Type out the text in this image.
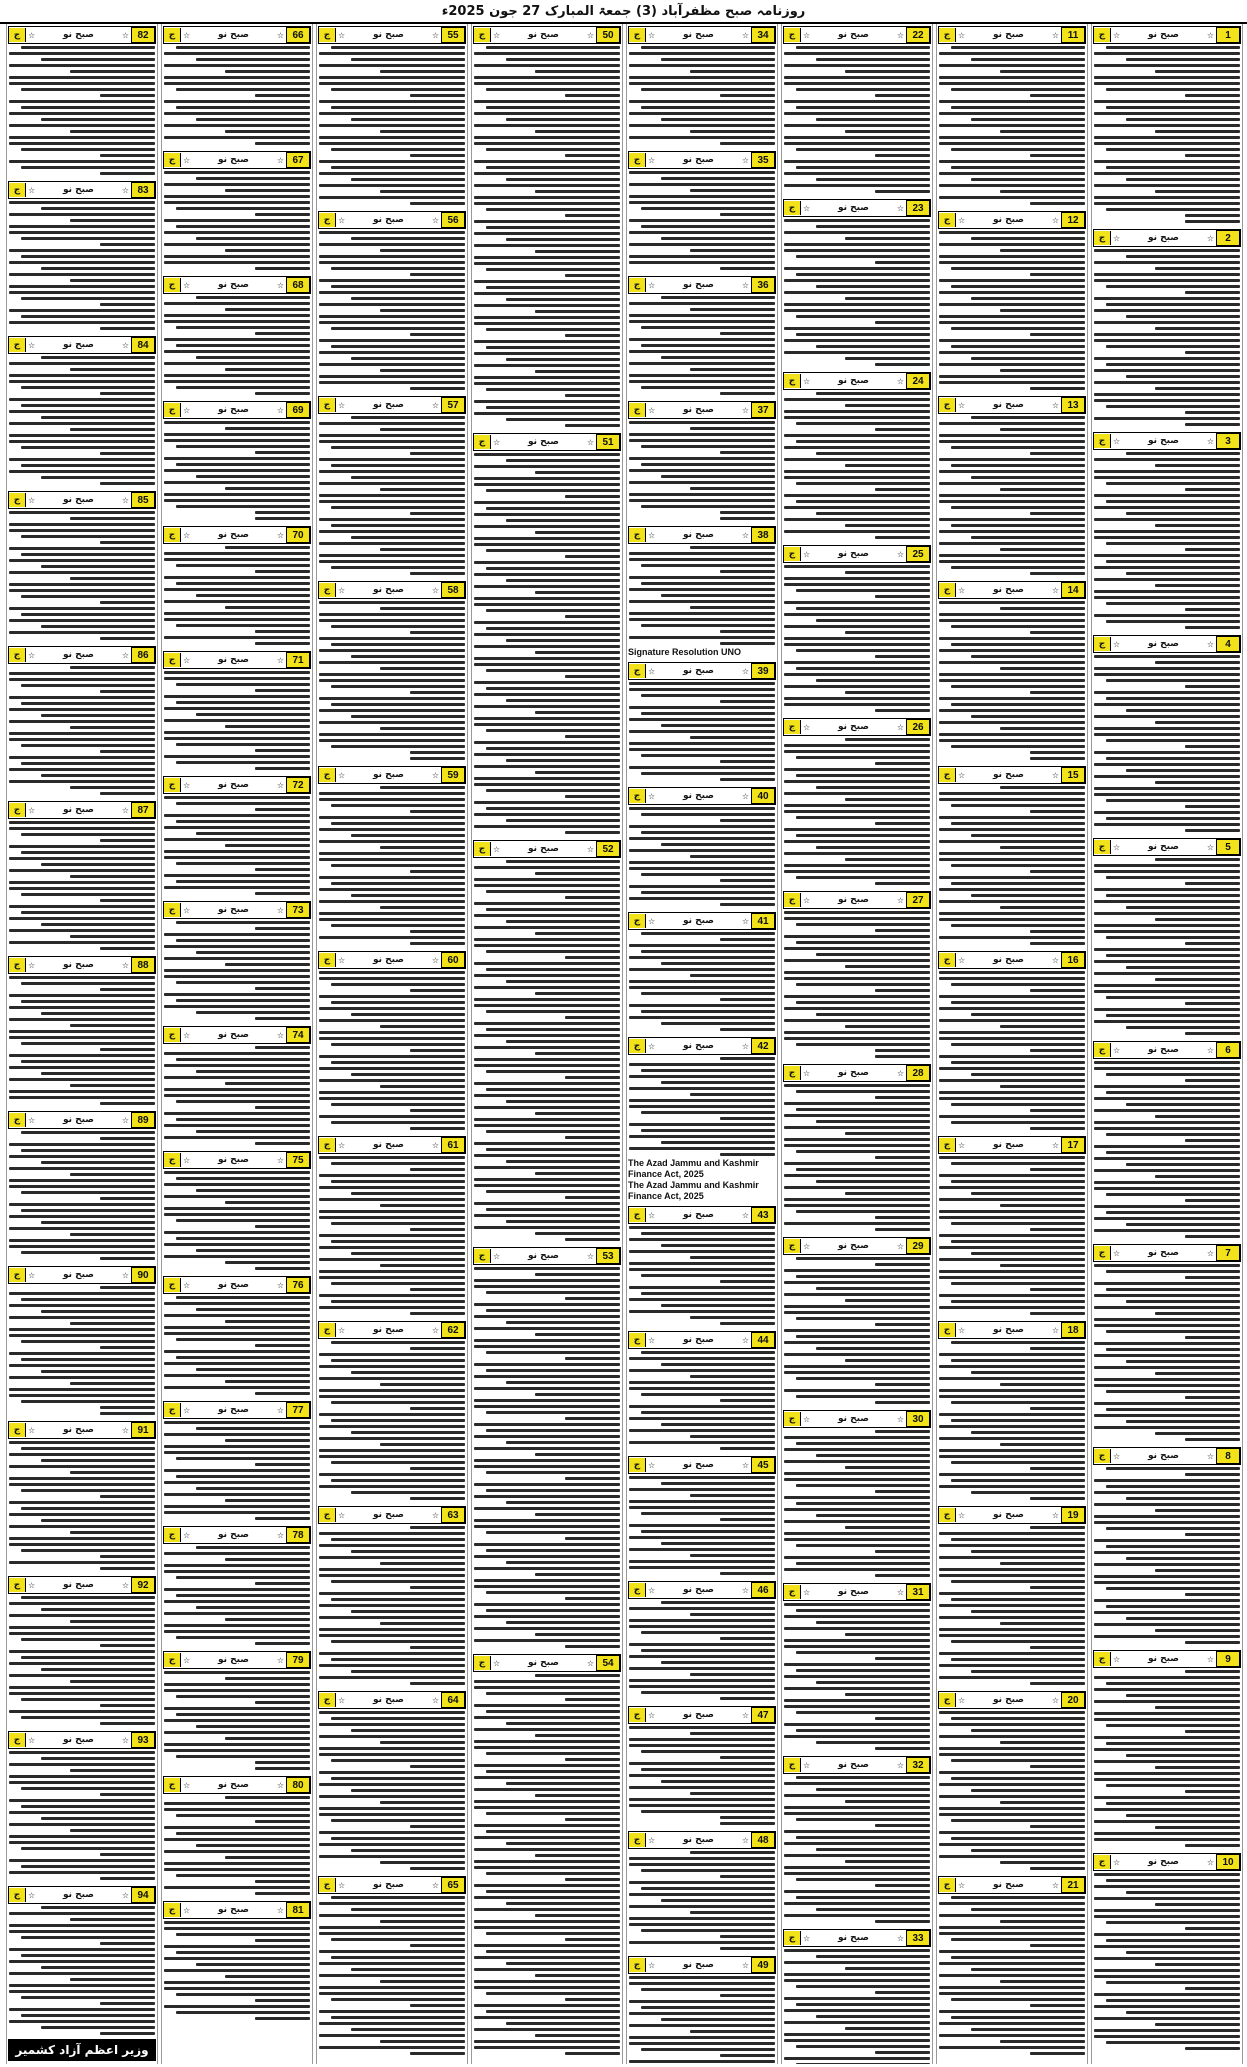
روزنامہ صبح مظفرآباد (3) جمعۃ المبارک 27 جون 2025ء
1
☆
صبح نو
☆
ج
2
☆
صبح نو
☆
ج
3
☆
صبح نو
☆
ج
4
☆
صبح نو
☆
ج
5
☆
صبح نو
☆
ج
6
☆
صبح نو
☆
ج
7
☆
صبح نو
☆
ج
8
☆
صبح نو
☆
ج
9
☆
صبح نو
☆
ج
10
☆
صبح نو
☆
ج
11
☆
صبح نو
☆
ج
12
☆
صبح نو
☆
ج
13
☆
صبح نو
☆
ج
14
☆
صبح نو
☆
ج
15
☆
صبح نو
☆
ج
16
☆
صبح نو
☆
ج
17
☆
صبح نو
☆
ج
18
☆
صبح نو
☆
ج
19
☆
صبح نو
☆
ج
20
☆
صبح نو
☆
ج
21
☆
صبح نو
☆
ج
22
☆
صبح نو
☆
ج
23
☆
صبح نو
☆
ج
24
☆
صبح نو
☆
ج
25
☆
صبح نو
☆
ج
26
☆
صبح نو
☆
ج
27
☆
صبح نو
☆
ج
28
☆
صبح نو
☆
ج
29
☆
صبح نو
☆
ج
30
☆
صبح نو
☆
ج
31
☆
صبح نو
☆
ج
32
☆
صبح نو
☆
ج
33
☆
صبح نو
☆
ج
34
☆
صبح نو
☆
ج
35
☆
صبح نو
☆
ج
36
☆
صبح نو
☆
ج
37
☆
صبح نو
☆
ج
38
☆
صبح نو
☆
ج
Signature Resolution UNO
39
☆
صبح نو
☆
ج
40
☆
صبح نو
☆
ج
41
☆
صبح نو
☆
ج
42
☆
صبح نو
☆
ج
The Azad Jammu and Kashmir Finance Act, 2025
The Azad Jammu and Kashmir Finance Act, 2025
43
☆
صبح نو
☆
ج
44
☆
صبح نو
☆
ج
45
☆
صبح نو
☆
ج
46
☆
صبح نو
☆
ج
47
☆
صبح نو
☆
ج
48
☆
صبح نو
☆
ج
49
☆
صبح نو
☆
ج
50
☆
صبح نو
☆
ج
51
☆
صبح نو
☆
ج
52
☆
صبح نو
☆
ج
53
☆
صبح نو
☆
ج
54
☆
صبح نو
☆
ج
55
☆
صبح نو
☆
ج
56
☆
صبح نو
☆
ج
57
☆
صبح نو
☆
ج
58
☆
صبح نو
☆
ج
59
☆
صبح نو
☆
ج
60
☆
صبح نو
☆
ج
61
☆
صبح نو
☆
ج
62
☆
صبح نو
☆
ج
63
☆
صبح نو
☆
ج
64
☆
صبح نو
☆
ج
65
☆
صبح نو
☆
ج
66
☆
صبح نو
☆
ج
67
☆
صبح نو
☆
ج
68
☆
صبح نو
☆
ج
69
☆
صبح نو
☆
ج
70
☆
صبح نو
☆
ج
71
☆
صبح نو
☆
ج
72
☆
صبح نو
☆
ج
73
☆
صبح نو
☆
ج
74
☆
صبح نو
☆
ج
75
☆
صبح نو
☆
ج
76
☆
صبح نو
☆
ج
77
☆
صبح نو
☆
ج
78
☆
صبح نو
☆
ج
79
☆
صبح نو
☆
ج
80
☆
صبح نو
☆
ج
81
☆
صبح نو
☆
ج
82
☆
صبح نو
☆
ج
83
☆
صبح نو
☆
ج
84
☆
صبح نو
☆
ج
85
☆
صبح نو
☆
ج
86
☆
صبح نو
☆
ج
87
☆
صبح نو
☆
ج
88
☆
صبح نو
☆
ج
89
☆
صبح نو
☆
ج
90
☆
صبح نو
☆
ج
91
☆
صبح نو
☆
ج
92
☆
صبح نو
☆
ج
93
☆
صبح نو
☆
ج
94
☆
صبح نو
☆
ج
وزیر اعظم آزاد کشمیر
